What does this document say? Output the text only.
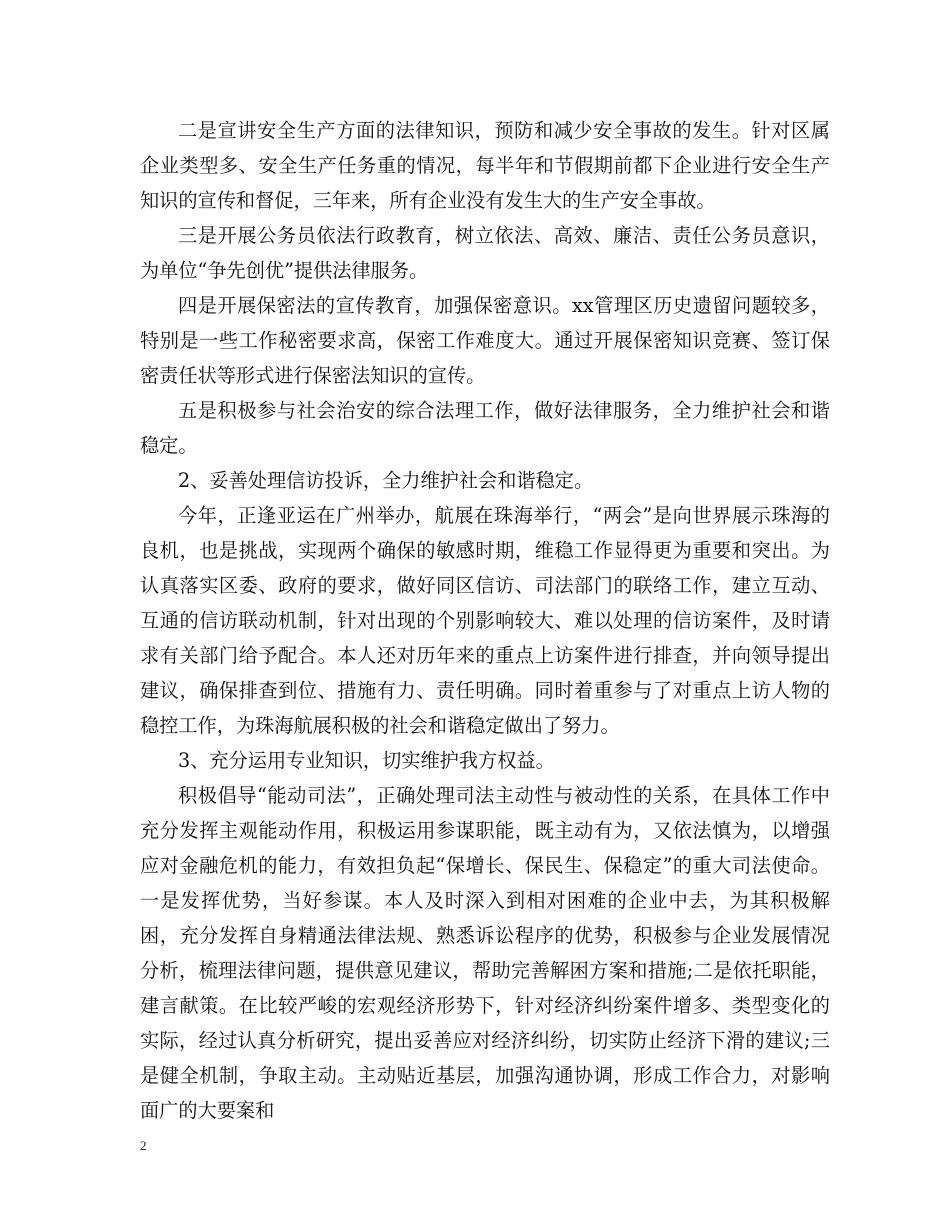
二是宣讲安全生产方面的法律知识，预防和减少安全事故的发生。针对区属企业类型多、安全生产任务重的情况，每半年和节假期前都下企业进行安全生产知识的宣传和督促，三年来，所有企业没有发生大的生产安全事故。

三是开展公务员依法行政教育，树立依法、高效、廉洁、责任公务员意识，为单位“争先创优”提供法律服务。

四是开展保密法的宣传教育，加强保密意识。xx管理区历史遗留问题较多，特别是一些工作秘密要求高，保密工作难度大。通过开展保密知识竞赛、签订保密责任状等形式进行保密法知识的宣传。

五是积极参与社会治安的综合法理工作，做好法律服务，全力维护社会和谐稳定。

2、妥善处理信访投诉，全力维护社会和谐稳定。

今年，正逢亚运在广州举办，航展在珠海举行，“两会”是向世界展示珠海的良机，也是挑战，实现两个确保的敏感时期，维稳工作显得更为重要和突出。为认真落实区委、政府的要求，做好同区信访、司法部门的联络工作，建立互动、互通的信访联动机制，针对出现的个别影响较大、难以处理的信访案件，及时请求有关部门给予配合。本人还对历年来的重点上访案件进行排查，并向领导提出建议，确保排查到位、措施有力、责任明确。同时着重参与了对重点上访人物的稳控工作，为珠海航展积极的社会和谐稳定做出了努力。

3、充分运用专业知识，切实维护我方权益。

积极倡导“能动司法”，正确处理司法主动性与被动性的关系，在具体工作中充分发挥主观能动作用，积极运用参谋职能，既主动有为，又依法慎为，以增强应对金融危机的能力，有效担负起“保增长、保民生、保稳定”的重大司法使命。一是发挥优势，当好参谋。本人及时深入到相对困难的企业中去，为其积极解困，充分发挥自身精通法律法规、熟悉诉讼程序的优势，积极参与企业发展情况分析，梳理法律问题，提供意见建议，帮助完善解困方案和措施;二是依托职能，建言献策。在比较严峻的宏观经济形势下，针对经济纠纷案件增多、类型变化的实际，经过认真分析研究，提出妥善应对经济纠纷，切实防止经济下滑的建议;三是健全机制，争取主动。主动贴近基层，加强沟通协调，形成工作合力，对影响面广的大要案和

2
